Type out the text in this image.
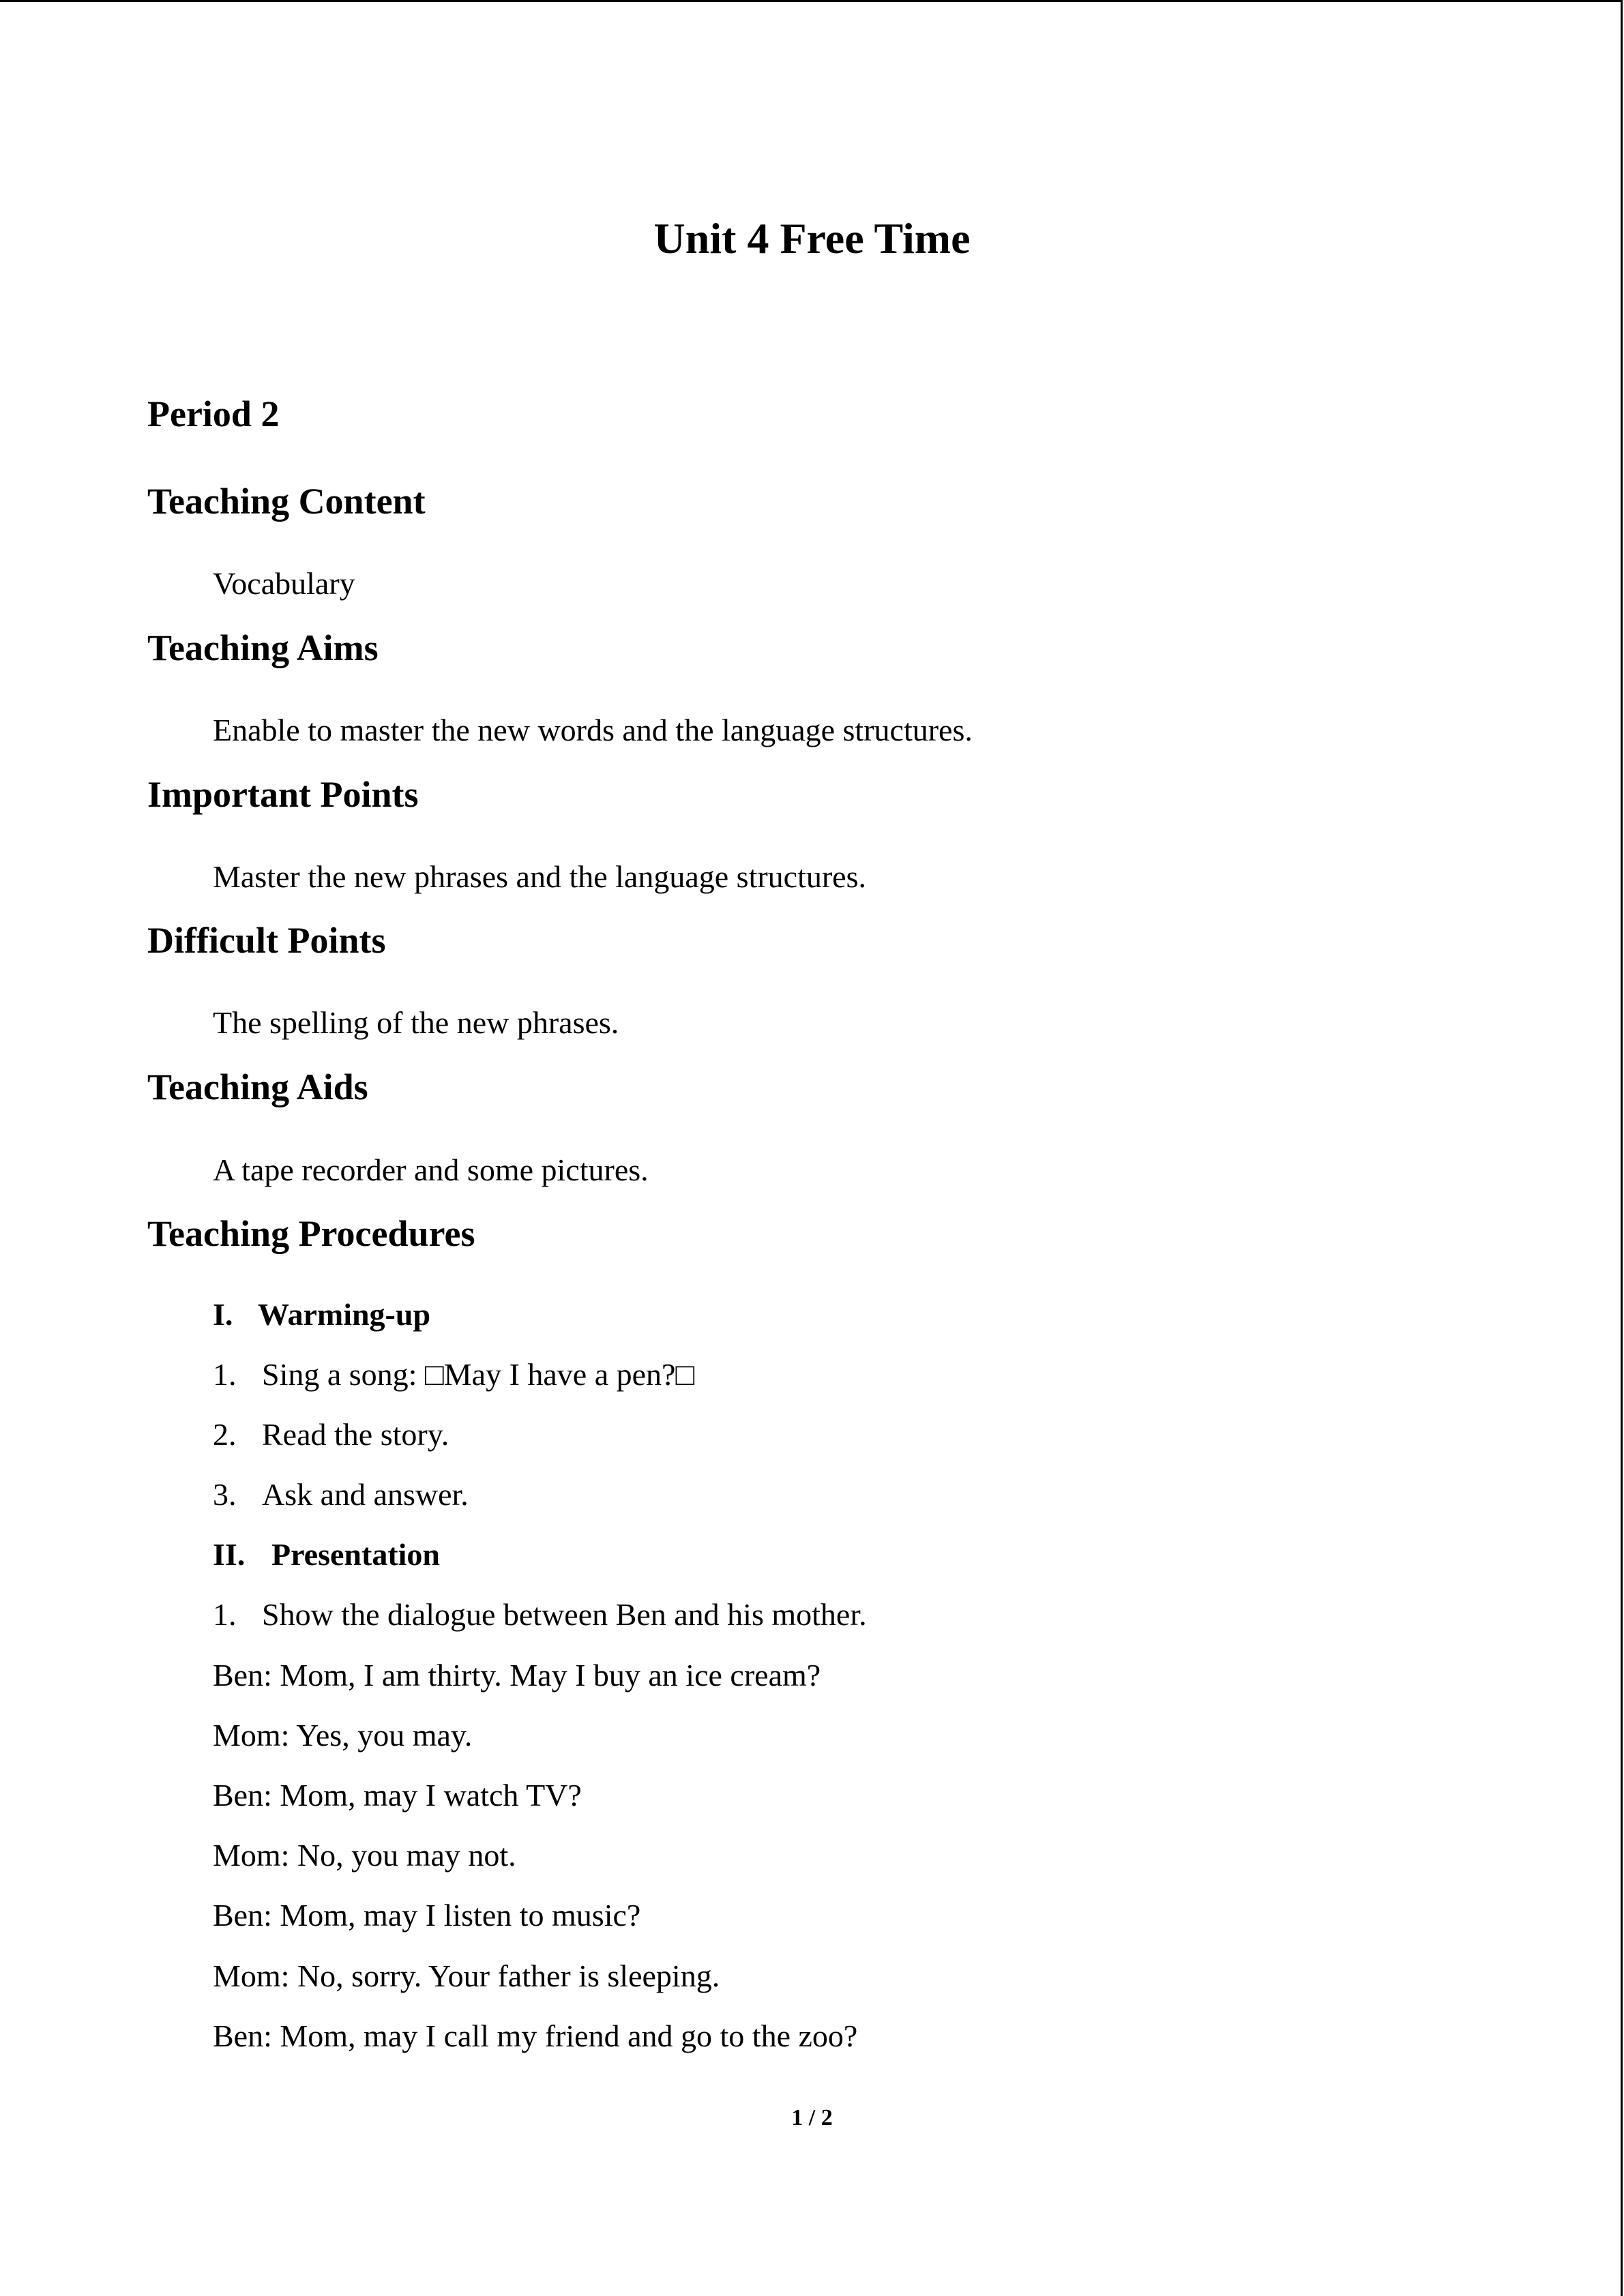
Unit 4 Free Time
Period 2
Teaching Content
Vocabulary
Teaching Aims
Enable to master the new words and the language structures.
Important Points
Master the new phrases and the language structures.
Difficult Points
The spelling of the new phrases.
Teaching Aids
A tape recorder and some pictures.
Teaching Procedures
I. Warming-up
1. Sing a song: □May I have a pen?□
2. Read the story.
3. Ask and answer.
II. Presentation
1. Show the dialogue between Ben and his mother.
Ben: Mom, I am thirty. May I buy an ice cream?
Mom: Yes, you may.
Ben: Mom, may I watch TV?
Mom: No, you may not.
Ben: Mom, may I listen to music?
Mom: No, sorry. Your father is sleeping.
Ben: Mom, may I call my friend and go to the zoo?
1 / 2
